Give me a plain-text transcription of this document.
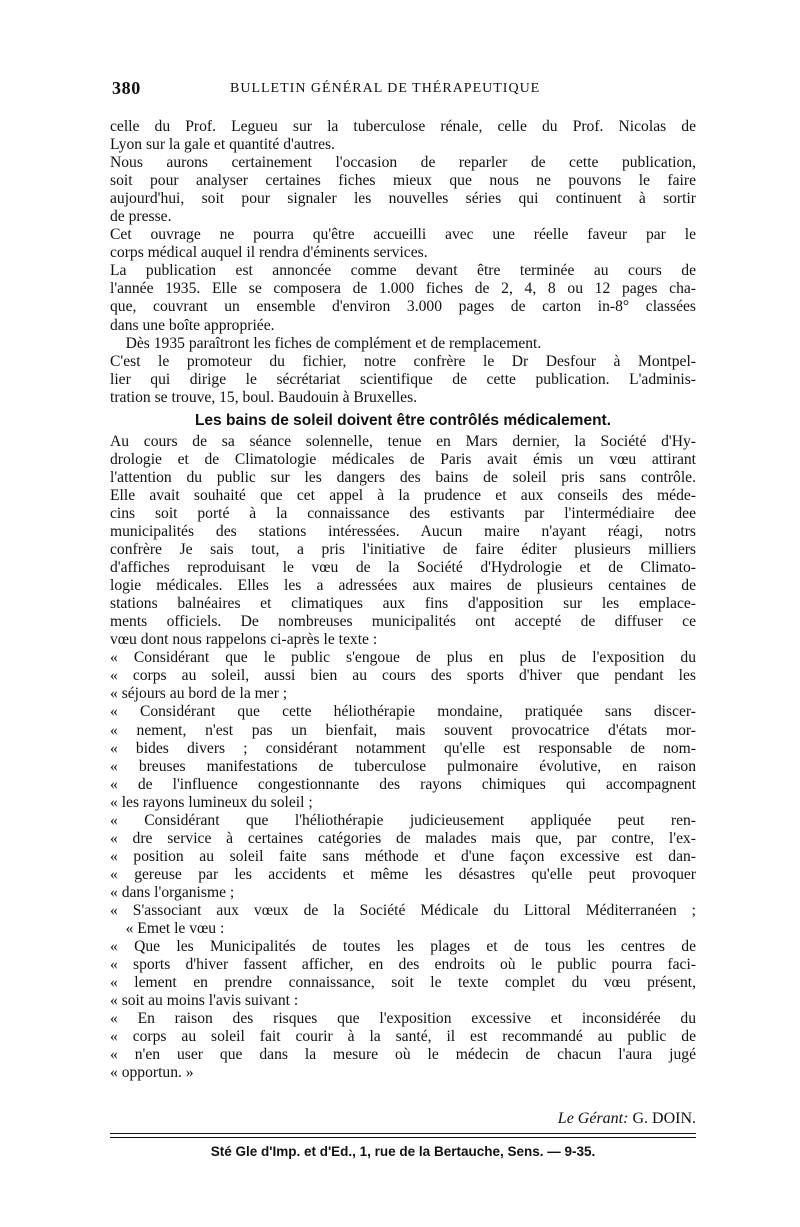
380	BULLETIN GÉNÉRAL DE THÉRAPEUTIQUE
celle du Prof. Legueu sur la tuberculose rénale, celle du Prof. Nicolas de
Lyon sur la gale et quantité d'autres.
Nous aurons certainement l'occasion de reparler de cette publication,
soit pour analyser certaines fiches mieux que nous ne pouvons le faire
aujourd'hui, soit pour signaler les nouvelles séries qui continuent à sortir
de presse.
Cet ouvrage ne pourra qu'être accueilli avec une réelle faveur par le
corps médical auquel il rendra d'éminents services.
La publication est annoncée comme devant être terminée au cours de
l'année 1935. Elle se composera de 1.000 fiches de 2, 4, 8 ou 12 pages cha-
que, couvrant un ensemble d'environ 3.000 pages de carton in-8° classées
dans une boîte appropriée.
Dès 1935 paraîtront les fiches de complément et de remplacement.
C'est le promoteur du fichier, notre confrère le Dr Desfour à Montpel-
lier qui dirige le sécrétariat scientifique de cette publication. L'adminis-
tration se trouve, 15, boul. Baudouin à Bruxelles.
Les bains de soleil doivent être contrôlés médicalement.
Au cours de sa séance solennelle, tenue en Mars dernier, la Société d'Hy-
drologie et de Climatologie médicales de Paris avait émis un vœu attirant
l'attention du public sur les dangers des bains de soleil pris sans contrôle.
Elle avait souhaité que cet appel à la prudence et aux conseils des méde-
cins soit porté à la connaissance des estivants par l'intermédiaire dee
municipalités des stations intéressées. Aucun maire n'ayant réagi, notrs
confrère Je sais tout, a pris l'initiative de faire éditer plusieurs milliers
d'affiches reproduisant le vœu de la Société d'Hydrologie et de Climato-
logie médicales. Elles les a adressées aux maires de plusieurs centaines de
stations balnéaires et climatiques aux fins d'apposition sur les emplace-
ments officiels. De nombreuses municipalités ont accepté de diffuser ce
vœu dont nous rappelons ci-après le texte :
« Considérant que le public s'engoue de plus en plus de l'exposition du
« corps au soleil, aussi bien au cours des sports d'hiver que pendant les
« séjours au bord de la mer ;
« Considérant que cette héliothérapie mondaine, pratiquée sans discer-
« nement, n'est pas un bienfait, mais souvent provocatrice d'états mor-
« bides divers ; considérant notamment qu'elle est responsable de nom-
« breuses manifestations de tuberculose pulmonaire évolutive, en raison
« de l'influence congestionnante des rayons chimiques qui accompagnent
« les rayons lumineux du soleil ;
« Considérant que l'héliothérapie judicieusement appliquée peut ren-
« dre service à certaines catégories de malades mais que, par contre, l'ex-
« position au soleil faite sans méthode et d'une façon excessive est dan-
« gereuse par les accidents et même les désastres qu'elle peut provoquer
« dans l'organisme ;
« S'associant aux vœux de la Société Médicale du Littoral Méditerranéen ;
« Emet le vœu :
« Que les Municipalités de toutes les plages et de tous les centres de
« sports d'hiver fassent afficher, en des endroits où le public pourra faci-
« lement en prendre connaissance, soit le texte complet du vœu présent,
« soit au moins l'avis suivant :
« En raison des risques que l'exposition excessive et inconsidérée du
« corps au soleil fait courir à la santé, il est recommandé au public de
« n'en user que dans la mesure où le médecin de chacun l'aura jugé
« opportun. »
Le Gérant: G. DOIN.
Sté Gle d'Imp. et d'Ed., 1, rue de la Bertauche, Sens. — 9-35.
